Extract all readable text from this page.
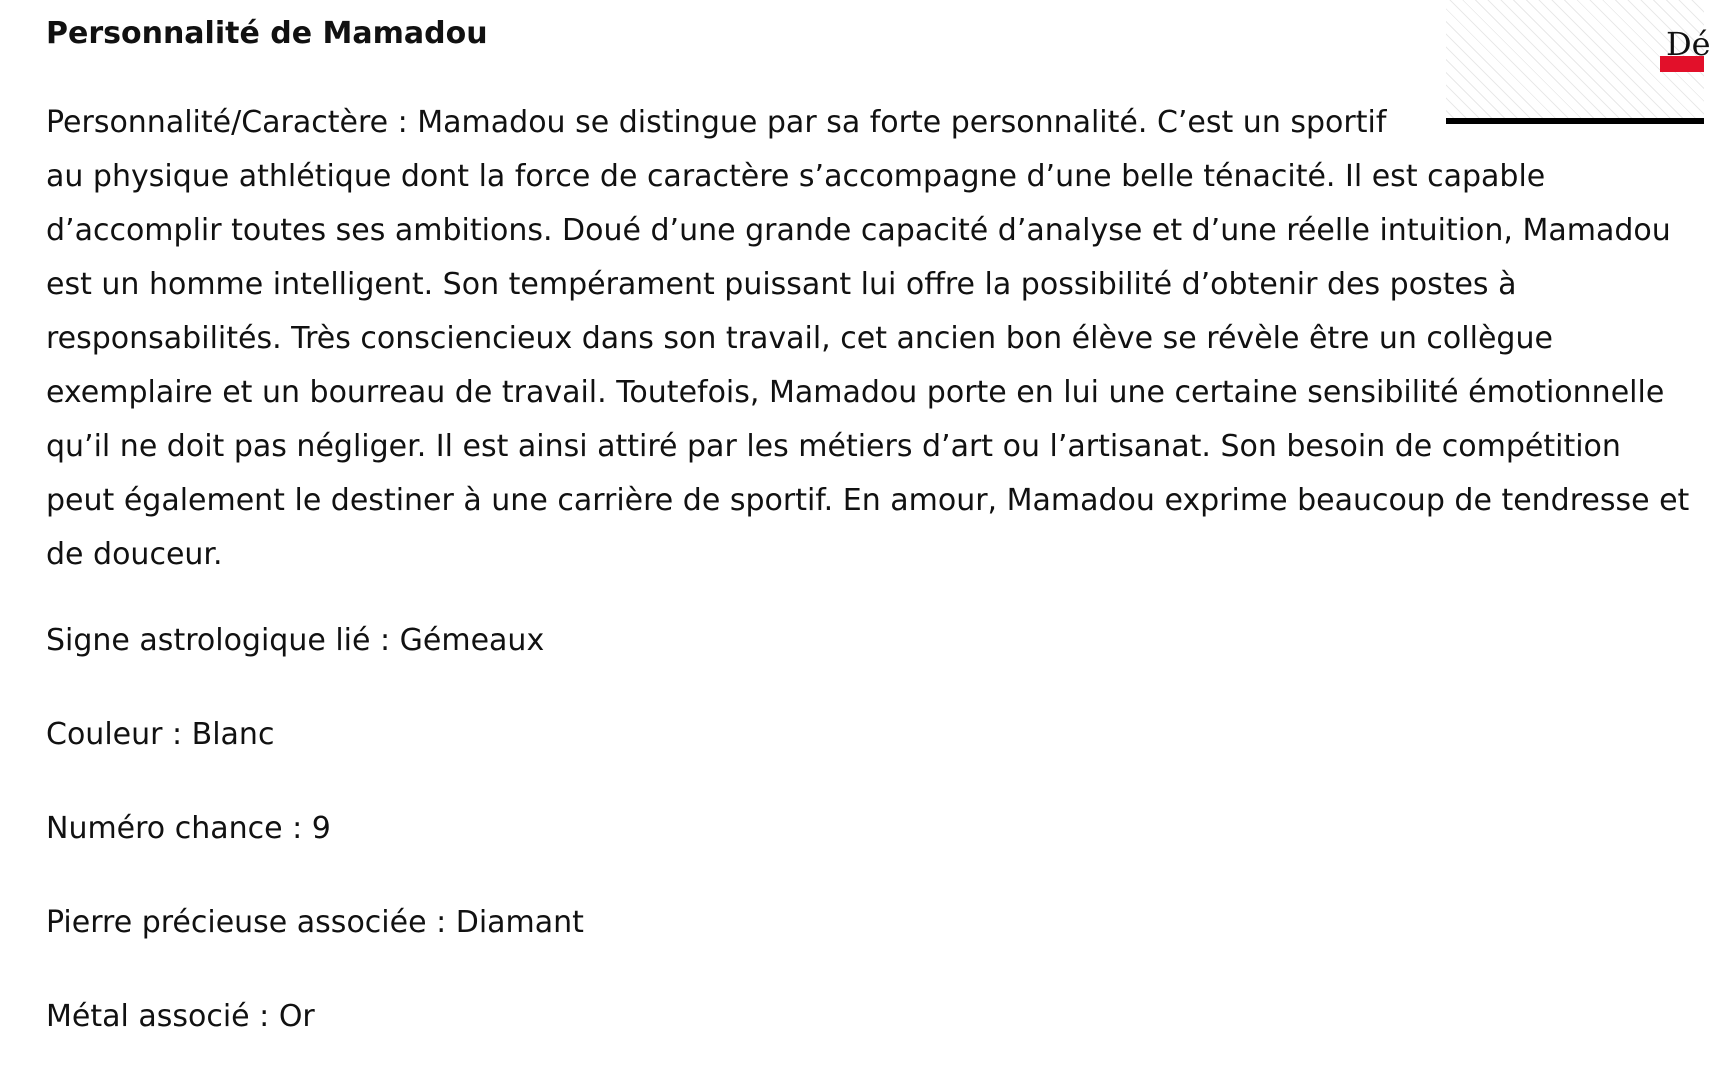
Personnalité de Mamadou

Personnalité/Caractère : Mamadou se distingue par sa forte personnalité. C’est un sportif
au physique athlétique dont la force de caractère s’accompagne d’une belle ténacité. Il est capable
d’accomplir toutes ses ambitions. Doué d’une grande capacité d’analyse et d’une réelle intuition, Mamadou
est un homme intelligent. Son tempérament puissant lui offre la possibilité d’obtenir des postes à
responsabilités. Très consciencieux dans son travail, cet ancien bon élève se révèle être un collègue
exemplaire et un bourreau de travail. Toutefois, Mamadou porte en lui une certaine sensibilité émotionnelle
qu’il ne doit pas négliger. Il est ainsi attiré par les métiers d’art ou l’artisanat. Son besoin de compétition
peut également le destiner à une carrière de sportif. En amour, Mamadou exprime beaucoup de tendresse et
de douceur.

Signe astrologique lié : Gémeaux

Couleur : Blanc

Numéro chance : 9

Pierre précieuse associée : Diamant

Métal associé : Or

Dé
